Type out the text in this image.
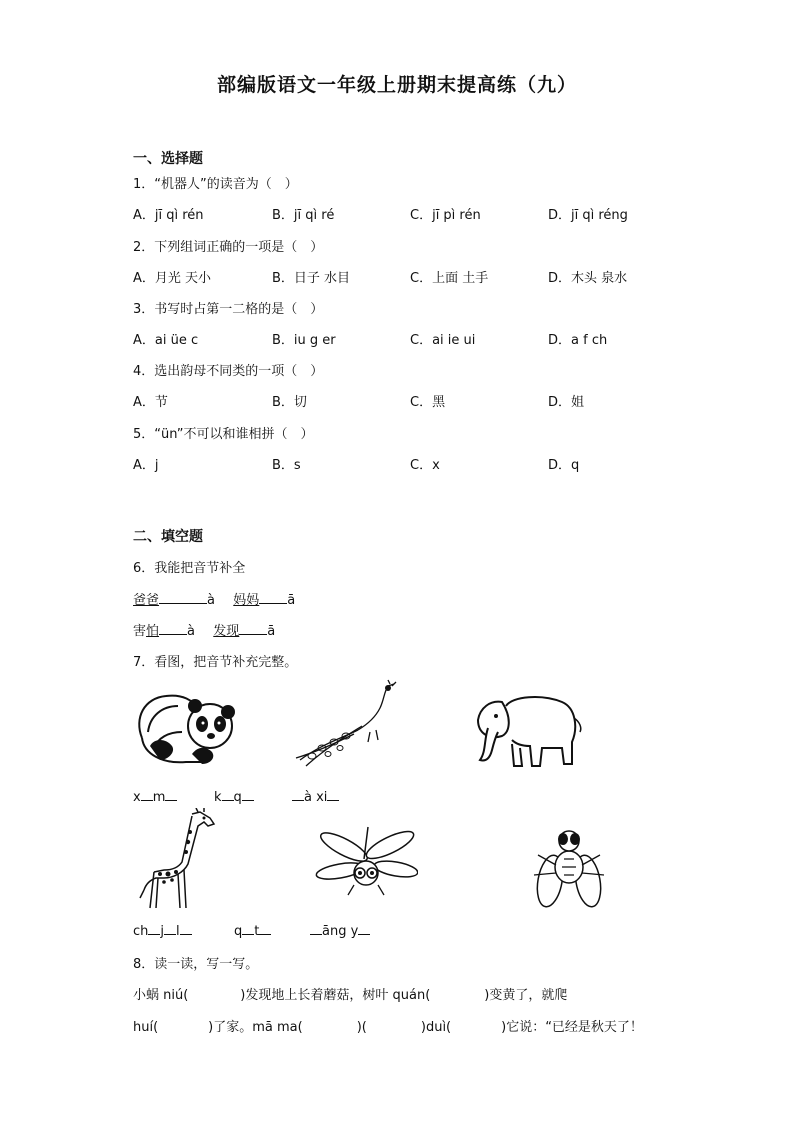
部编版语文一年级上册期末提高练（九）
一、选择题
1．“机器人”的读音为（　）
A．jī qì rén	B．jī qì ré	C．jī pì rén	D．jī qì réng
2．下列组词正确的一项是（　）
A．月光 天小	B．日子 水目	C．上面 土手	D．木头 泉水
3．书写时占第一二格的是（　）
A．ai üe c	B．iu g er	C．ai ie ui	D．a f ch
4．选出韵母不同类的一项（　）
A．节	B．切	C．黑	D．姐
5．“ün”不可以和谁相拼（　）
A．j	B．s	C．x	D．q
二、填空题
6．我能把音节补全
爸爸	à 妈妈 ā
害怕 à 发现 ā
7．看图，把音节补充完整。
x m	k q	à xi
ch j l	q t	āng y
8．读一读，写一写。
小蜗 niú(	)发现地上长着蘑菇，树叶 quán(	)变黄了，就爬
huí(	)了家。mā ma(	)(	)duì(	)它说：“已经是秋天了！
